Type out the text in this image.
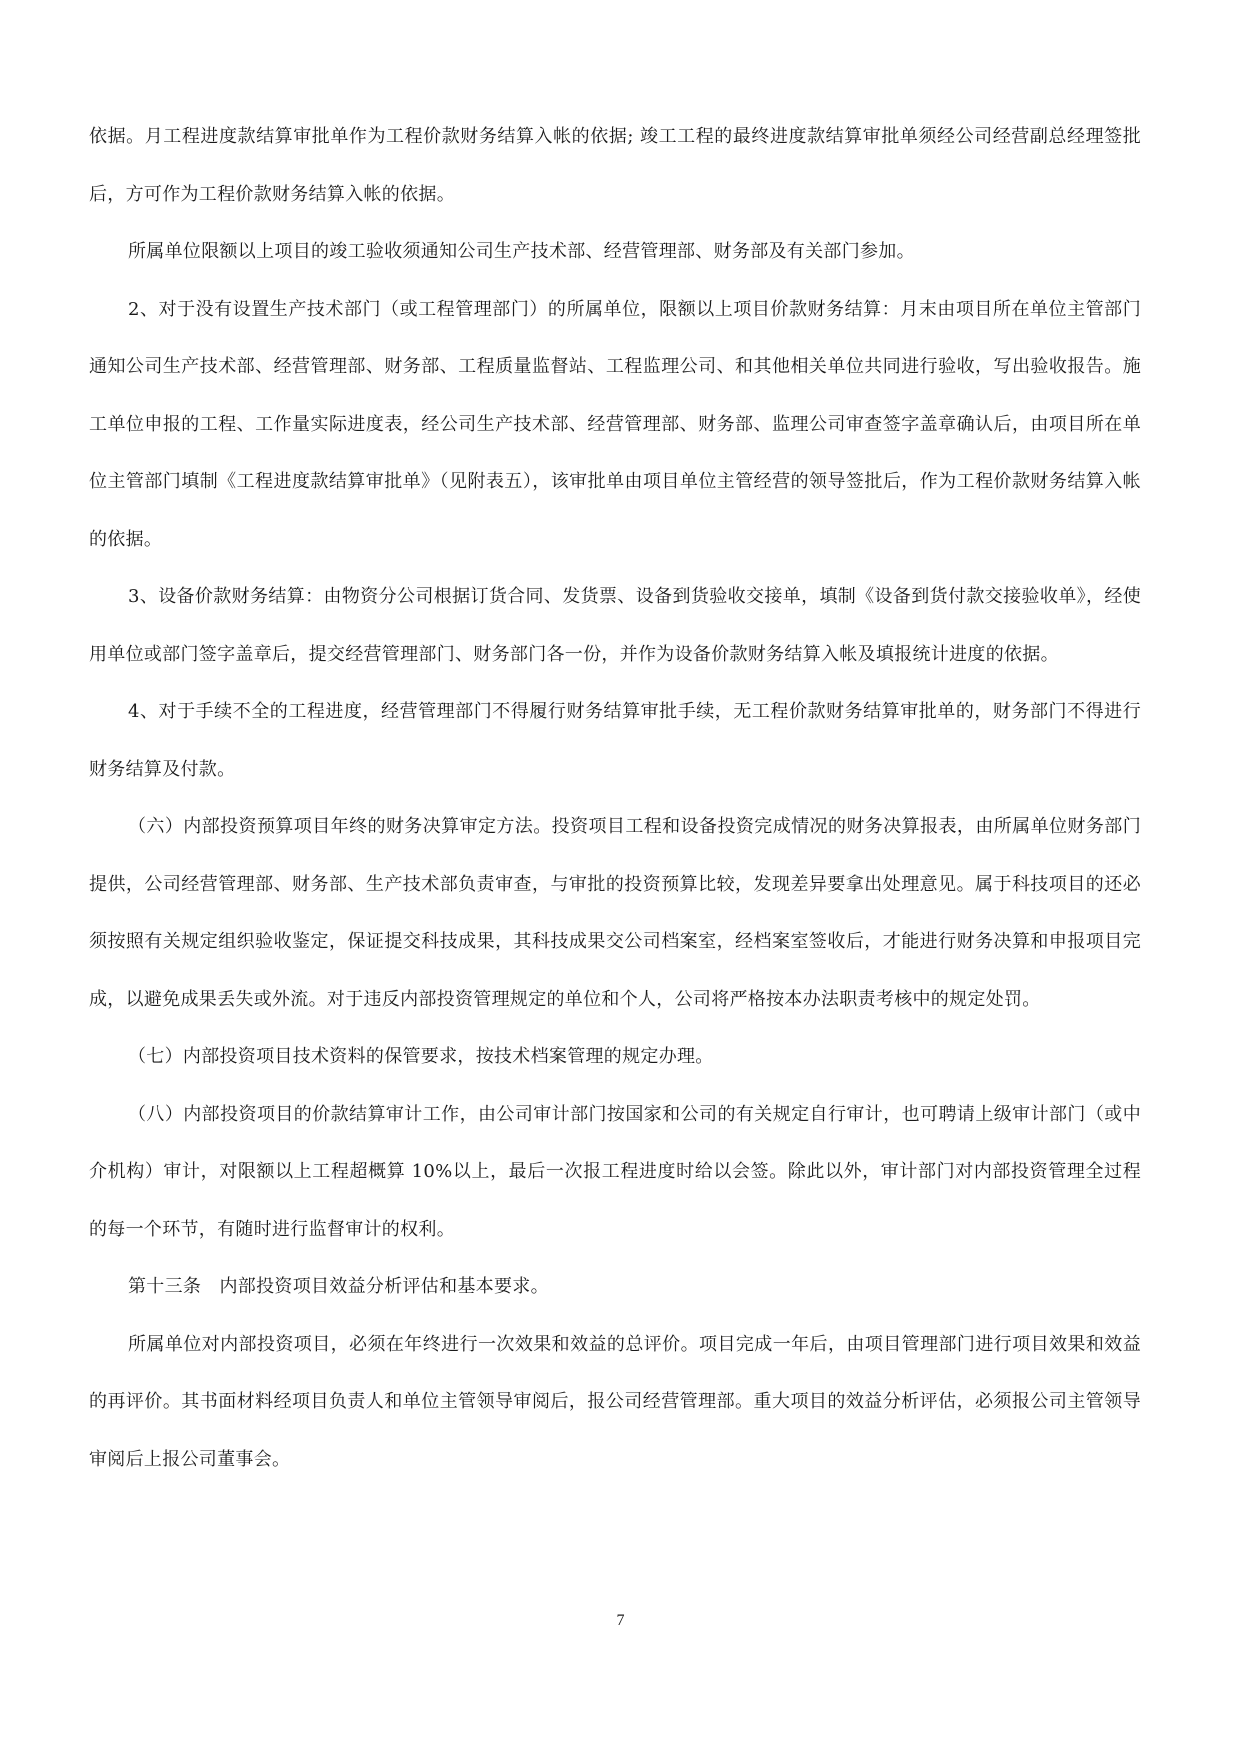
依据。月工程进度款结算审批单作为工程价款财务结算入帐的依据; 竣工工程的最终进度款结算审批单须经公司经营副总经理签批后，方可作为工程价款财务结算入帐的依据。

所属单位限额以上项目的竣工验收须通知公司生产技术部、经营管理部、财务部及有关部门参加。

2、对于没有设置生产技术部门（或工程管理部门）的所属单位，限额以上项目价款财务结算：月末由项目所在单位主管部门通知公司生产技术部、经营管理部、财务部、工程质量监督站、工程监理公司、和其他相关单位共同进行验收，写出验收报告。施工单位申报的工程、工作量实际进度表，经公司生产技术部、经营管理部、财务部、监理公司审查签字盖章确认后，由项目所在单位主管部门填制《工程进度款结算审批单》（见附表五），该审批单由项目单位主管经营的领导签批后，作为工程价款财务结算入帐的依据。

3、设备价款财务结算：由物资分公司根据订货合同、发货票、设备到货验收交接单，填制《设备到货付款交接验收单》，经使用单位或部门签字盖章后，提交经营管理部门、财务部门各一份，并作为设备价款财务结算入帐及填报统计进度的依据。

4、对于手续不全的工程进度，经营管理部门不得履行财务结算审批手续，无工程价款财务结算审批单的，财务部门不得进行财务结算及付款。

（六）内部投资预算项目年终的财务决算审定方法。投资项目工程和设备投资完成情况的财务决算报表，由所属单位财务部门提供，公司经营管理部、财务部、生产技术部负责审查，与审批的投资预算比较，发现差异要拿出处理意见。属于科技项目的还必须按照有关规定组织验收鉴定，保证提交科技成果，其科技成果交公司档案室，经档案室签收后，才能进行财务决算和申报项目完成，以避免成果丢失或外流。对于违反内部投资管理规定的单位和个人，公司将严格按本办法职责考核中的规定处罚。

（七）内部投资项目技术资料的保管要求，按技术档案管理的规定办理。

（八）内部投资项目的价款结算审计工作，由公司审计部门按国家和公司的有关规定自行审计，也可聘请上级审计部门（或中介机构）审计，对限额以上工程超概算 10%以上，最后一次报工程进度时给以会签。除此以外，审计部门对内部投资管理全过程的每一个环节，有随时进行监督审计的权利。

第十三条　内部投资项目效益分析评估和基本要求。

所属单位对内部投资项目，必须在年终进行一次效果和效益的总评价。项目完成一年后，由项目管理部门进行项目效果和效益的再评价。其书面材料经项目负责人和单位主管领导审阅后，报公司经营管理部。重大项目的效益分析评估，必须报公司主管领导审阅后上报公司董事会。

7
